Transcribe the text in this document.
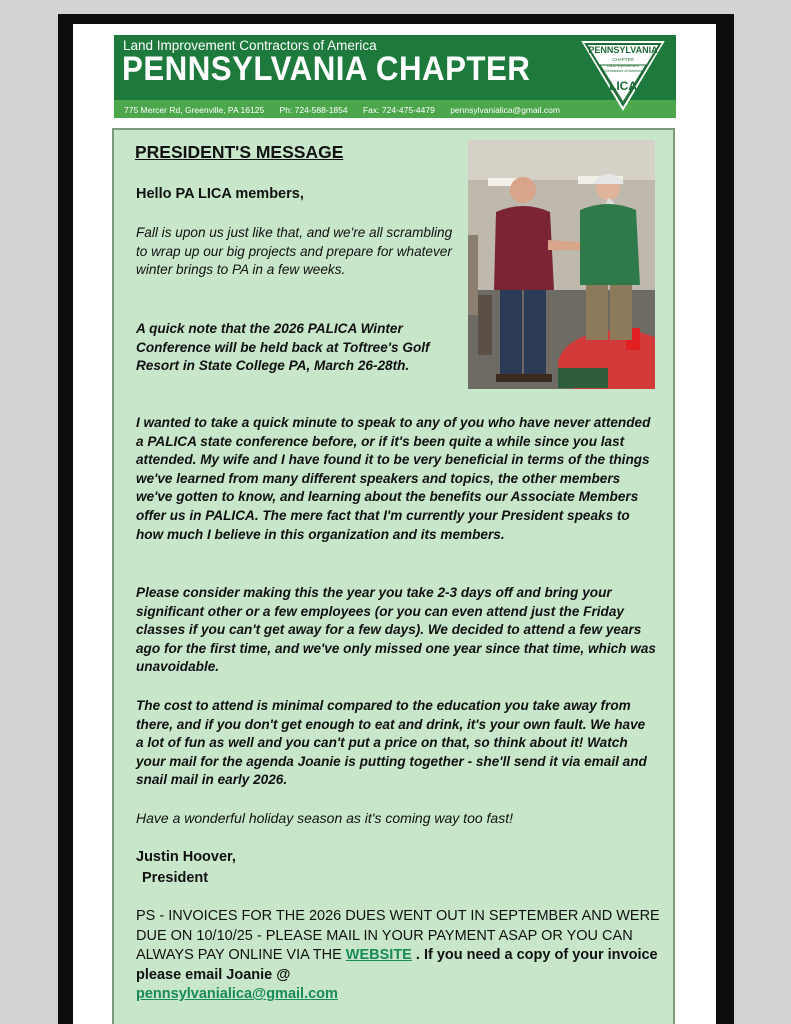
Land Improvement Contractors of America
PENNSYLVANIA CHAPTER
775 Mercer Rd, Greenville, PA 16125 Ph: 724-588-1854 Fax: 724-475-4479 pennsylvanialica@gmail.com
PENNSYLVANIA
CHAPTER
Land Improvement Contractors of America
LICA
PRESIDENT'S MESSAGE
Hello PA LICA members,
Fall is upon us just like that, and we're all scrambling to wrap up our big projects and prepare for whatever winter brings to PA in a few weeks.
A quick note that the 2026 PALICA Winter Conference will be held back at Toftree's Golf Resort in State College PA, March 26-28th.
I wanted to take a quick minute to speak to any of you who have never attended a PALICA state conference before, or if it's been quite a while since you last attended. My wife and I have found it to be very beneficial in terms of the things we've learned from many different speakers and topics, the other members we've gotten to know, and learning about the benefits our Associate Members offer us in PALICA. The mere fact that I'm currently your President speaks to how much I believe in this organization and its members.
Please consider making this the year you take 2-3 days off and bring your significant other or a few employees (or you can even attend just the Friday classes if you can't get away for a few days). We decided to attend a few years ago for the first time, and we've only missed one year since that time, which was unavoidable.
The cost to attend is minimal compared to the education you take away from there, and if you don't get enough to eat and drink, it's your own fault. We have a lot of fun as well and you can't put a price on that, so think about it! Watch your mail for the agenda Joanie is putting together - she'll send it via email and snail mail in early 2026.
Have a wonderful holiday season as it's coming way too fast!
Justin Hoover,
President
PS - INVOICES FOR THE 2026 DUES WENT OUT IN SEPTEMBER AND WERE DUE ON 10/10/25 - PLEASE MAIL IN YOUR PAYMENT ASAP OR YOU CAN ALWAYS PAY ONLINE VIA THE WEBSITE . If you need a copy of your invoice please email Joanie @
pennsylvanialica@gmail.com
